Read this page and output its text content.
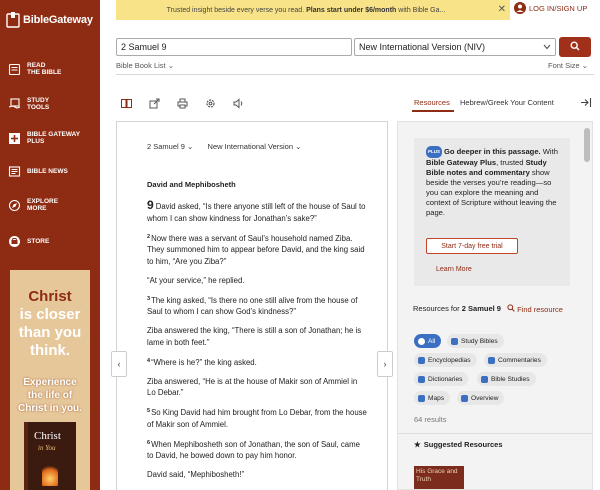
BibleGateway
READ
THE BIBLE
STUDY
TOOLS
BIBLE GATEWAY
PLUS
BIBLE NEWS
EXPLORE
MORE
STORE
Christ
is closer
than you
think.
Experience
the life of
Christ in you.
Christ
in You
Trusted insight beside every verse you read. Plans start under $6/month with Bible Ga...	✕	LOG IN/SIGN UP
2 Samuel 9
New International Version (NIV)
Bible Book List ⌄	Font Size ⌄
Resources Hebrew/Greek Your Content
2 Samuel 9 ⌄ New International Version ⌄
David and Mephibosheth

9 David asked, “Is there anyone still left of the house of Saul to whom I can show kindness for Jonathan’s sake?”

$^2$Now there was a servant of Saul’s household named Ziba. They summoned him to appear before David, and the king said to him, “Are you Ziba?”

“At your service,” he replied.

$^3$The king asked, “Is there no one still alive from the house of Saul to whom I can show God’s kindness?”

Ziba answered the king, “There is still a son of Jonathan; he is lame in both feet.”

$^4$“Where is he?” the king asked.

Ziba answered, “He is at the house of Makir son of Ammiel in Lo Debar.”

$^5$So King David had him brought from Lo Debar, from the house of Makir son of Ammiel.

$^6$When Mephibosheth son of Jonathan, the son of Saul, came to David, he bowed down to pay him honor.

David said, “Mephibosheth!”

‹	›
PLUS Go deeper in this passage. With Bible Gateway Plus, trusted Study Bible notes and commentary show beside the verses you’re reading—so you can explore the meaning and context of Scripture without leaving the page.
Start 7-day free trial
Learn More
Resources for 2 Samuel 9	Find resource
All	Study Bibles
Encyclopedias	Commentaries
Dictionaries	Bible Studies
Maps	Overview
64 results
★ Suggested Resources
His Grace and Truth
